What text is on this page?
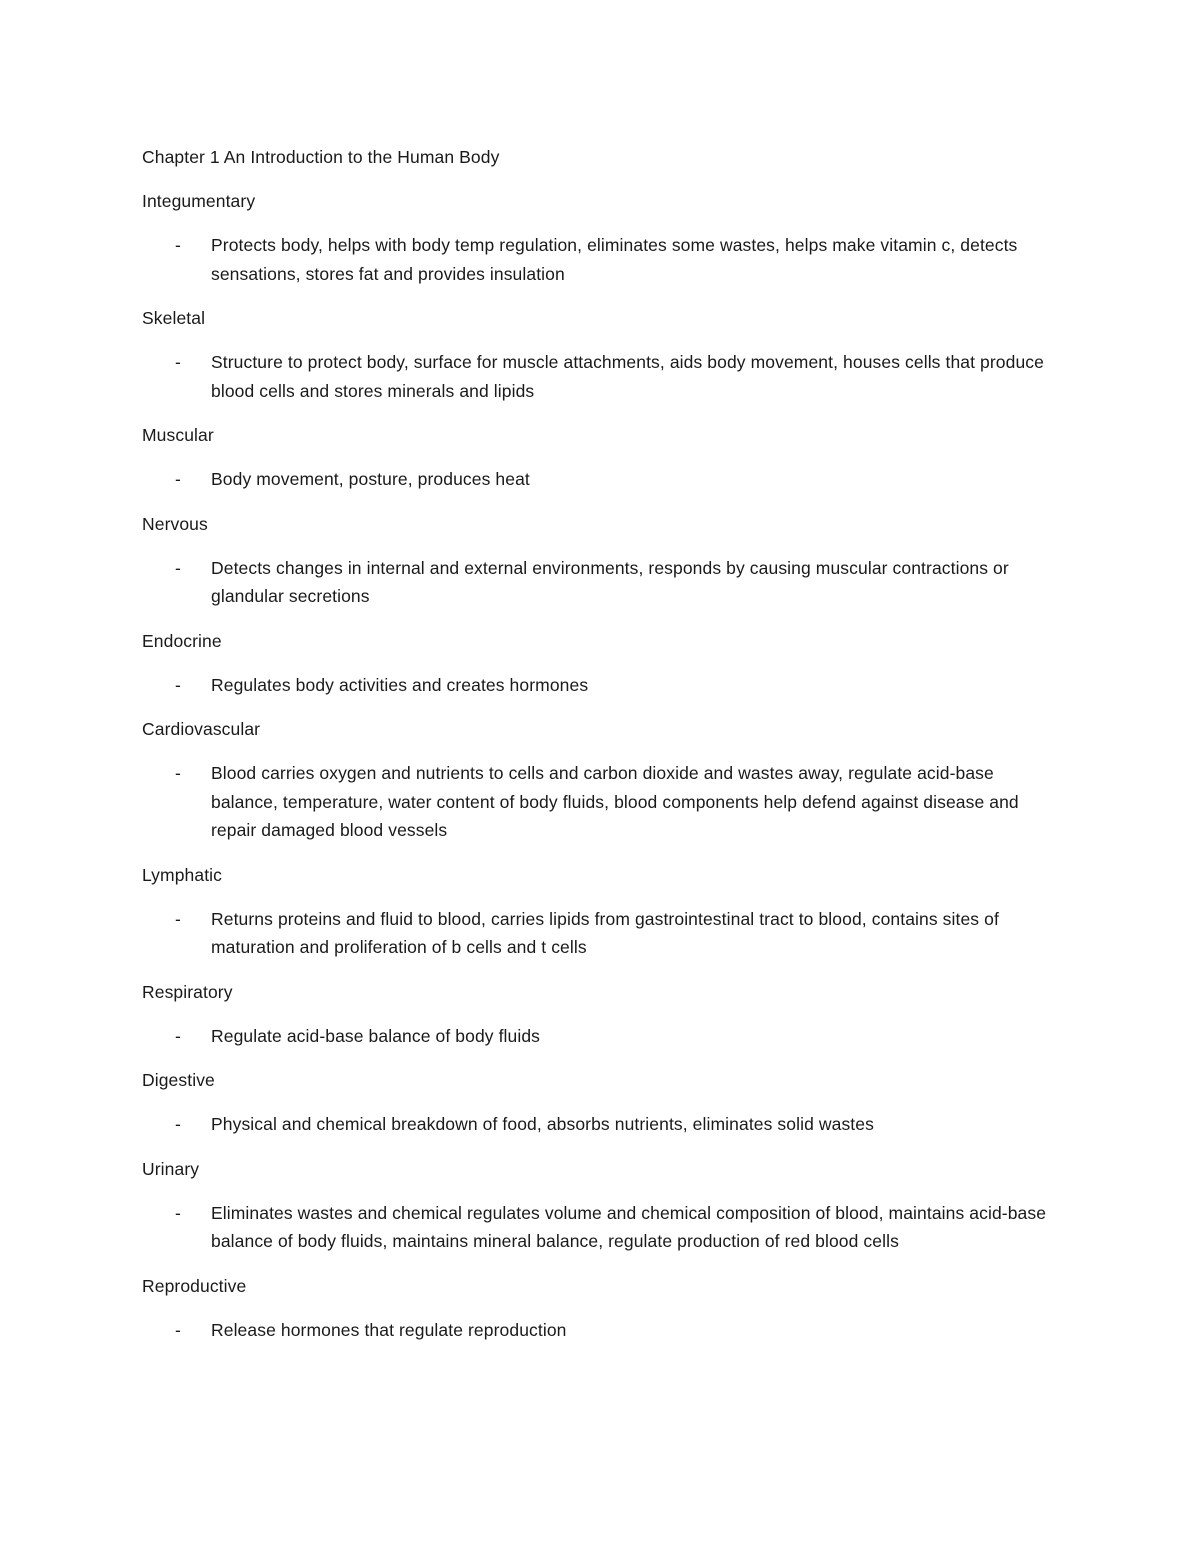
Chapter 1 An Introduction to the Human Body

Integumentary

- Protects body, helps with body temp regulation, eliminates some wastes, helps make vitamin c, detects sensations, stores fat and provides insulation

Skeletal

- Structure to protect body, surface for muscle attachments, aids body movement, houses cells that produce blood cells and stores minerals and lipids

Muscular

- Body movement, posture, produces heat

Nervous

- Detects changes in internal and external environments, responds by causing muscular contractions or glandular secretions

Endocrine

- Regulates body activities and creates hormones

Cardiovascular

- Blood carries oxygen and nutrients to cells and carbon dioxide and wastes away, regulate acid-base balance, temperature, water content of body fluids, blood components help defend against disease and repair damaged blood vessels

Lymphatic

- Returns proteins and fluid to blood, carries lipids from gastrointestinal tract to blood, contains sites of maturation and proliferation of b cells and t cells

Respiratory

- Regulate acid-base balance of body fluids

Digestive

- Physical and chemical breakdown of food, absorbs nutrients, eliminates solid wastes

Urinary

- Eliminates wastes and chemical regulates volume and chemical composition of blood, maintains acid-base balance of body fluids, maintains mineral balance, regulate production of red blood cells

Reproductive

- Release hormones that regulate reproduction
